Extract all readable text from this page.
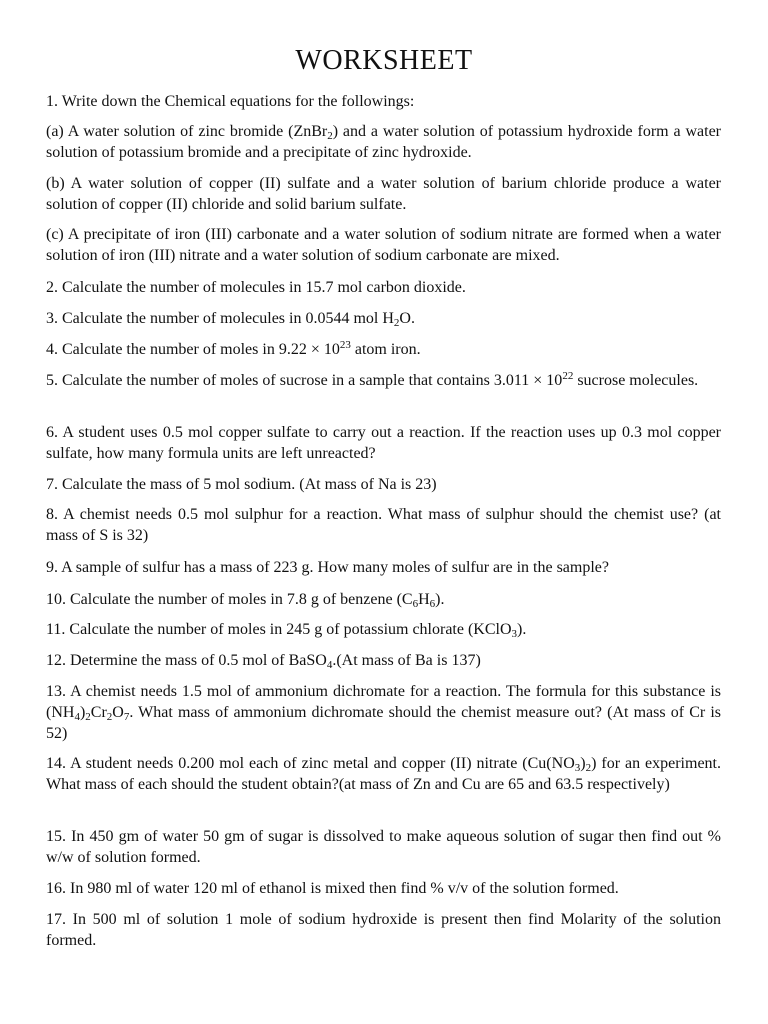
WORKSHEET

1. Write down the Chemical equations for the followings:

(a) A water solution of zinc bromide (ZnBr$_2$) and a water solution of potassium hydroxide form a water solution of potassium bromide and a precipitate of zinc hydroxide.

(b) A water solution of copper (II) sulfate and a water solution of barium chloride produce a water solution of copper (II) chloride and solid barium sulfate.

(c) A precipitate of iron (III) carbonate and a water solution of sodium nitrate are formed when a water solution of iron (III) nitrate and a water solution of sodium carbonate are mixed.

2. Calculate the number of molecules in 15.7 mol carbon dioxide.

3. Calculate the number of molecules in 0.0544 mol $H_2O$.

4. Calculate the number of moles in $9.22 \times 10^{23}$ atom iron.

5. Calculate the number of moles of sucrose in a sample that contains $3.011 \times 10^{22}$ sucrose molecules.

6. A student uses 0.5 mol copper sulfate to carry out a reaction. If the reaction uses up 0.3 mol copper sulfate, how many formula units are left unreacted?

7. Calculate the mass of 5 mol sodium. (At mass of Na is 23)

8. A chemist needs 0.5 mol sulphur for a reaction. What mass of sulphur should the chemist use? (at mass of S is 32)

9. A sample of sulfur has a mass of 223 g. How many moles of sulfur are in the sample?

10. Calculate the number of moles in 7.8 g of benzene $(C_6H_6)$.

11. Calculate the number of moles in 245 g of potassium chlorate (KClO$_3$).

12. Determine the mass of 0.5 mol of BaSO$_4$.(At mass of Ba is 137)

13. A chemist needs 1.5 mol of ammonium dichromate for a reaction. The formula for this substance is $(NH_4)_2Cr_2O_7$. What mass of ammonium dichromate should the chemist measure out? (At mass of Cr is 52)

14. A student needs 0.200 mol each of zinc metal and copper (II) nitrate $(Cu(NO_3)_2)$ for an experiment. What mass of each should the student obtain?(at mass of Zn and Cu are 65 and 63.5 respectively)

15. In 450 gm of water 50 gm of sugar is dissolved to make aqueous solution of sugar then find out % w/w of solution formed.

16. In 980 ml of water 120 ml of ethanol is mixed then find % v/v of the solution formed.

17. In 500 ml of solution 1 mole of sodium hydroxide is present then find Molarity of the solution formed.
